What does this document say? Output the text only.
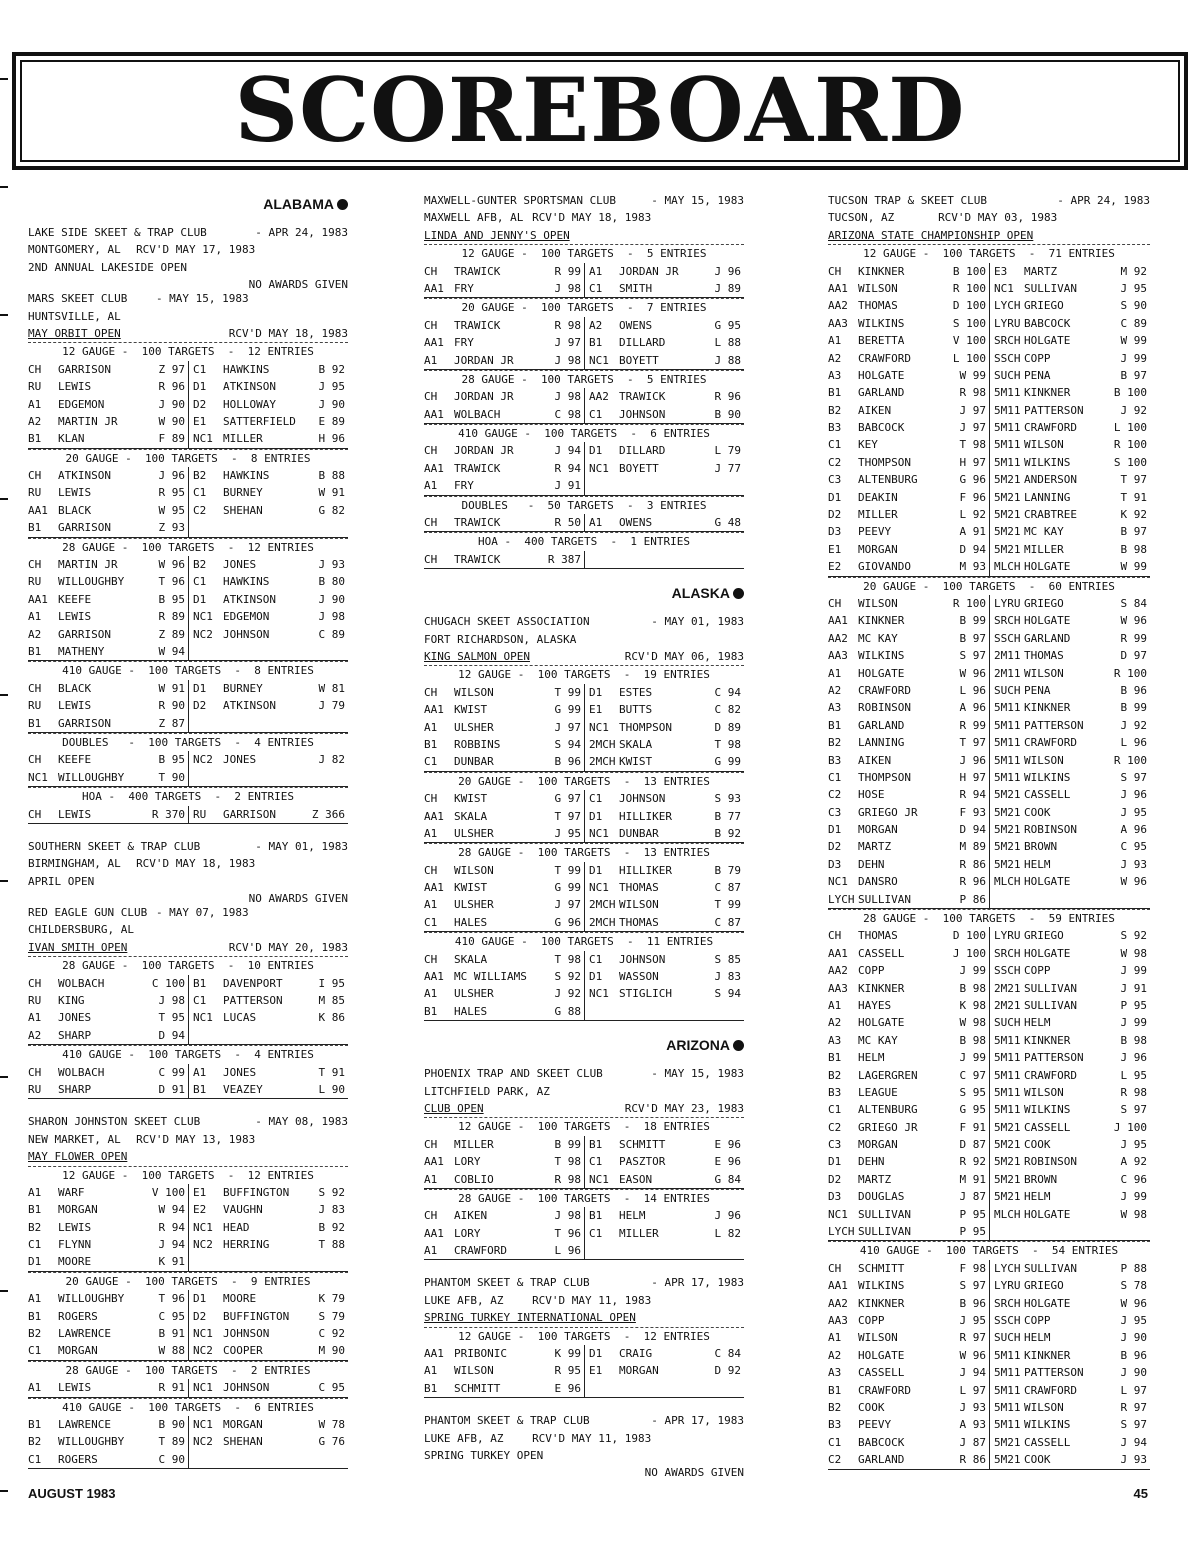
SCOREBOARD
ALABAMA
LAKE SIDE SKEET & TRAP CLUB	- APR 24, 1983
MONTGOMERY, AL RCV'D MAY 17, 1983
2ND ANNUAL LAKESIDE OPEN
NO AWARDS GIVEN
MARS SKEET CLUB	- MAY 15, 1983
HUNTSVILLE, AL
RCV'D MAY 18, 1983
MAY ORBIT OPEN
12 GAUGE -  100 TARGETS  -  12 ENTRIES
CH	GARRISON	Z 97 C1	HAWKINS	B 92
RU	LEWIS	R 96 D1	ATKINSON	J 95
A1	EDGEMON	J 90 D2	HOLLOWAY	J 90
A2	MARTIN JR	W 90 E1	SATTERFIELD	E 89
B1	KLAN	F 89 NC1 MILLER	H 96
20 GAUGE -  100 TARGETS  -  8 ENTRIES
CH	ATKINSON	J 96 B2	HAWKINS	B 88
RU	LEWIS	R 95 C1	BURNEY	W 91
AA1 BLACK	W 95 C2	SHEHAN	G 82
B1	GARRISON	Z 93
28 GAUGE -  100 TARGETS  -  12 ENTRIES
CH	MARTIN JR	W 96 B2	JONES	J 93
RU	WILLOUGHBY	T 96 C1	HAWKINS	B 80
AA1 KEEFE	B 95 D1	ATKINSON	J 90
A1	LEWIS	R 89 NC1 EDGEMON	J 98
A2	GARRISON	Z 89 NC2 JOHNSON	C 89
B1	MATHENY	W 94
410 GAUGE -  100 TARGETS  -  8 ENTRIES
CH	BLACK	W 91 D1	BURNEY	W 81
RU	LEWIS	R 90 D2	ATKINSON	J 79
B1	GARRISON	Z 87
DOUBLES   -  100 TARGETS  -  4 ENTRIES
CH	KEEFE	B 95 NC2 JONES	J 82
NC1 WILLOUGHBY	T 90
HOA -  400 TARGETS  -  2 ENTRIES
CH	LEWIS	R 370 RU	GARRISON	Z 366
SOUTHERN SKEET & TRAP CLUB	- MAY 01, 1983
BIRMINGHAM, AL RCV'D MAY 18, 1983
APRIL OPEN
NO AWARDS GIVEN
RED EAGLE GUN CLUB - MAY 07, 1983
CHILDERSBURG, AL
RCV'D MAY 20, 1983
IVAN SMITH OPEN
28 GAUGE -  100 TARGETS  -  10 ENTRIES
CH	WOLBACH	C 100 B1	DAVENPORT	I 95
RU	KING	J 98 C1	PATTERSON	M 85
A1	JONES	T 95 NC1 LUCAS	K 86
A2	SHARP	D 94
410 GAUGE -  100 TARGETS  -  4 ENTRIES
CH	WOLBACH	C 99 A1	JONES	T 91
RU	SHARP	D 91 B1	VEAZEY	L 90
SHARON JOHNSTON SKEET CLUB	- MAY 08, 1983
NEW MARKET, AL RCV'D MAY 13, 1983
MAY FLOWER OPEN
12 GAUGE -  100 TARGETS  -  12 ENTRIES
A1	WARF	V 100 E1	BUFFINGTON	S 92
B1	MORGAN	W 94 E2	VAUGHN	J 83
B2	LEWIS	R 94 NC1 HEAD	B 92
C1	FLYNN	J 94 NC2 HERRING	T 88
D1	MOORE	K 91
20 GAUGE -  100 TARGETS  -  9 ENTRIES
A1	WILLOUGHBY	T 96 D1	MOORE	K 79
B1	ROGERS	C 95 D2	BUFFINGTON	S 79
B2	LAWRENCE	B 91 NC1 JOHNSON	C 92
C1	MORGAN	W 88 NC2 COOPER	M 90
28 GAUGE -  100 TARGETS  -  2 ENTRIES
A1	LEWIS	R 91 NC1 JOHNSON	C 95
410 GAUGE -  100 TARGETS  -  6 ENTRIES
B1	LAWRENCE	B 90 NC1 MORGAN	W 78
B2	WILLOUGHBY	T 89 NC2 SHEHAN	G 76
C1	ROGERS	C 90
MAXWELL-GUNTER SPORTSMAN CLUB	- MAY 15, 1983
MAXWELL AFB, AL RCV'D MAY 18, 1983
LINDA AND JENNY'S OPEN
12 GAUGE -  100 TARGETS  -  5 ENTRIES
CH	TRAWICK	R 99 A1	JORDAN JR	J 96
AA1 FRY	J 98 C1	SMITH	J 89
20 GAUGE -  100 TARGETS  -  7 ENTRIES
CH	TRAWICK	R 98 A2	OWENS	G 95
AA1 FRY	J 97 B1	DILLARD	L 88
A1	JORDAN JR	J 98 NC1 BOYETT	J 88
28 GAUGE -  100 TARGETS  -  5 ENTRIES
CH	JORDAN JR	J 98 AA2 TRAWICK	R 96
AA1 WOLBACH	C 98 C1	JOHNSON	B 90
410 GAUGE -  100 TARGETS  -  6 ENTRIES
CH	JORDAN JR	J 94 D1	DILLARD	L 79
AA1 TRAWICK	R 94 NC1 BOYETT	J 77
A1	FRY	J 91
DOUBLES   -  50 TARGETS  -  3 ENTRIES
CH	TRAWICK	R 50 A1	OWENS	G 48
HOA -  400 TARGETS  -  1 ENTRIES
CH	TRAWICK	R 387
ALASKA
CHUGACH SKEET ASSOCIATION	- MAY 01, 1983
FORT RICHARDSON, ALASKA
RCV'D MAY 06, 1983
KING SALMON OPEN
12 GAUGE -  100 TARGETS  -  19 ENTRIES
CH	WILSON	T 99 D1	ESTES	C 94
AA1 KWIST	G 99 E1	BUTTS	C 82
A1	ULSHER	J 97 NC1 THOMPSON	D 89
B1	ROBBINS	S 94 2MCH SKALA	T 98
C1	DUNBAR	B 96 2MCH KWIST	G 99
20 GAUGE -  100 TARGETS  -  13 ENTRIES
CH	KWIST	G 97 C1	JOHNSON	S 93
AA1 SKALA	T 97 D1	HILLIKER	B 77
A1	ULSHER	J 95 NC1 DUNBAR	B 92
28 GAUGE -  100 TARGETS  -  13 ENTRIES
CH	WILSON	T 99 D1	HILLIKER	B 79
AA1 KWIST	G 99 NC1 THOMAS	C 87
A1	ULSHER	J 97 2MCH WILSON	T 99
C1	HALES	G 96 2MCH THOMAS	C 87
410 GAUGE -  100 TARGETS  -  11 ENTRIES
CH	SKALA	T 98 C1	JOHNSON	S 85
AA1 MC WILLIAMS	S 92 D1	WASSON	J 83
A1	ULSHER	J 92 NC1 STIGLICH	S 94
B1	HALES	G 88
ARIZONA
PHOENIX TRAP AND SKEET CLUB	- MAY 15, 1983
LITCHFIELD PARK, AZ
RCV'D MAY 23, 1983
CLUB OPEN
12 GAUGE -  100 TARGETS  -  18 ENTRIES
CH	MILLER	B 99 B1	SCHMITT	E 96
AA1 LORY	T 98 C1	PASZTOR	E 96
A1	COBLIO	R 98 NC1 EASON	G 84
28 GAUGE -  100 TARGETS  -  14 ENTRIES
CH	AIKEN	J 98 B1	HELM	J 96
AA1 LORY	T 96 C1	MILLER	L 82
A1	CRAWFORD	L 96
PHANTOM SKEET & TRAP CLUB	- APR 17, 1983
LUKE AFB, AZ	RCV'D MAY 11, 1983
SPRING TURKEY INTERNATIONAL OPEN
12 GAUGE -  100 TARGETS  -  12 ENTRIES
AA1 PRIBONIC	K 99 D1	CRAIG	C 84
A1	WILSON	R 95 E1	MORGAN	D 92
B1	SCHMITT	E 96
PHANTOM SKEET & TRAP CLUB	- APR 17, 1983
LUKE AFB, AZ	RCV'D MAY 11, 1983
SPRING TURKEY OPEN
NO AWARDS GIVEN
TUCSON TRAP & SKEET CLUB	- APR 24, 1983
TUCSON, AZ	RCV'D MAY 03, 1983
ARIZONA STATE CHAMPIONSHIP OPEN
12 GAUGE -  100 TARGETS  -  71 ENTRIES
CH	KINKNER	B 100 E3	MARTZ	M 92
AA1 WILSON	R 100 NC1 SULLIVAN	J 95
AA2 THOMAS	D 100 LYCH GRIEGO	S 90
AA3 WILKINS	S 100 LYRU BABCOCK	C 89
A1	BERETTA	V 100 SRCH HOLGATE	W 99
A2	CRAWFORD	L 100 SSCH COPP	J 99
A3	HOLGATE	W 99 SUCH PENA	B 97
B1	GARLAND	R 98 5M11 KINKNER	B 100
B2	AIKEN	J 97 5M11 PATTERSON	J 92
B3	BABCOCK	J 97 5M11 CRAWFORD	L 100
C1	KEY	T 98 5M11 WILSON	R 100
C2	THOMPSON	H 97 5M11 WILKINS	S 100
C3	ALTENBURG	G 96 5M21 ANDERSON	T 97
D1	DEAKIN	F 96 5M21 LANNING	T 91
D2	MILLER	L 92 5M21 CRABTREE	K 92
D3	PEEVY	A 91 5M21 MC KAY	B 97
E1	MORGAN	D 94 5M21 MILLER	B 98
E2	GIOVANDO	M 93 MLCH HOLGATE	W 99
20 GAUGE -  100 TARGETS  -  60 ENTRIES
CH	WILSON	R 100 LYRU GRIEGO	S 84
AA1 KINKNER	B 99 SRCH HOLGATE	W 96
AA2 MC KAY	B 97 SSCH GARLAND	R 99
AA3 WILKINS	S 97 2M11 THOMAS	D 97
A1	HOLGATE	W 96 2M11 WILSON	R 100
A2	CRAWFORD	L 96 SUCH PENA	B 96
A3	ROBINSON	A 96 5M11 KINKNER	B 99
B1	GARLAND	R 99 5M11 PATTERSON	J 92
B2	LANNING	T 97 5M11 CRAWFORD	L 96
B3	AIKEN	J 96 5M11 WILSON	R 100
C1	THOMPSON	H 97 5M11 WILKINS	S 97
C2	HOSE	R 94 5M21 CASSELL	J 96
C3	GRIEGO JR	F 93 5M21 COOK	J 95
D1	MORGAN	D 94 5M21 ROBINSON	A 96
D2	MARTZ	M 89 5M21 BROWN	C 95
D3	DEHN	R 86 5M21 HELM	J 93
NC1 DANSRO	R 96 MLCH HOLGATE	W 96
LYCH SULLIVAN	P 86
28 GAUGE -  100 TARGETS  -  59 ENTRIES
CH	THOMAS	D 100 LYRU GRIEGO	S 92
AA1 CASSELL	J 100 SRCH HOLGATE	W 98
AA2 COPP	J 99 SSCH COPP	J 99
AA3 KINKNER	B 98 2M21 SULLIVAN	J 91
A1	HAYES	K 98 2M21 SULLIVAN	P 95
A2	HOLGATE	W 98 SUCH HELM	J 99
A3	MC KAY	B 98 5M11 KINKNER	B 98
B1	HELM	J 99 5M11 PATTERSON	J 96
B2	LAGERGREN	C 97 5M11 CRAWFORD	L 95
B3	LEAGUE	S 95 5M11 WILSON	R 98
C1	ALTENBURG	G 95 5M11 WILKINS	S 97
C2	GRIEGO JR	F 91 5M21 CASSELL	J 100
C3	MORGAN	D 87 5M21 COOK	J 95
D1	DEHN	R 92 5M21 ROBINSON	A 92
D2	MARTZ	M 91 5M21 BROWN	C 96
D3	DOUGLAS	J 87 5M21 HELM	J 99
NC1 SULLIVAN	P 95 MLCH HOLGATE	W 98
LYCH SULLIVAN	P 95
410 GAUGE -  100 TARGETS  -  54 ENTRIES
CH	SCHMITT	F 98 LYCH SULLIVAN	P 88
AA1 WILKINS	S 97 LYRU GRIEGO	S 78
AA2 KINKNER	B 96 SRCH HOLGATE	W 96
AA3 COPP	J 95 SSCH COPP	J 95
A1	WILSON	R 97 SUCH HELM	J 90
A2	HOLGATE	W 96 5M11 KINKNER	B 96
A3	CASSELL	J 94 5M11 PATTERSON	J 90
B1	CRAWFORD	L 97 5M11 CRAWFORD	L 97
B2	COOK	J 93 5M11 WILSON	R 97
B3	PEEVY	A 93 5M11 WILKINS	S 97
C1	BABCOCK	J 87 5M21 CASSELL	J 94
C2	GARLAND	R 86 5M21 COOK	J 93
AUGUST 1983	45
